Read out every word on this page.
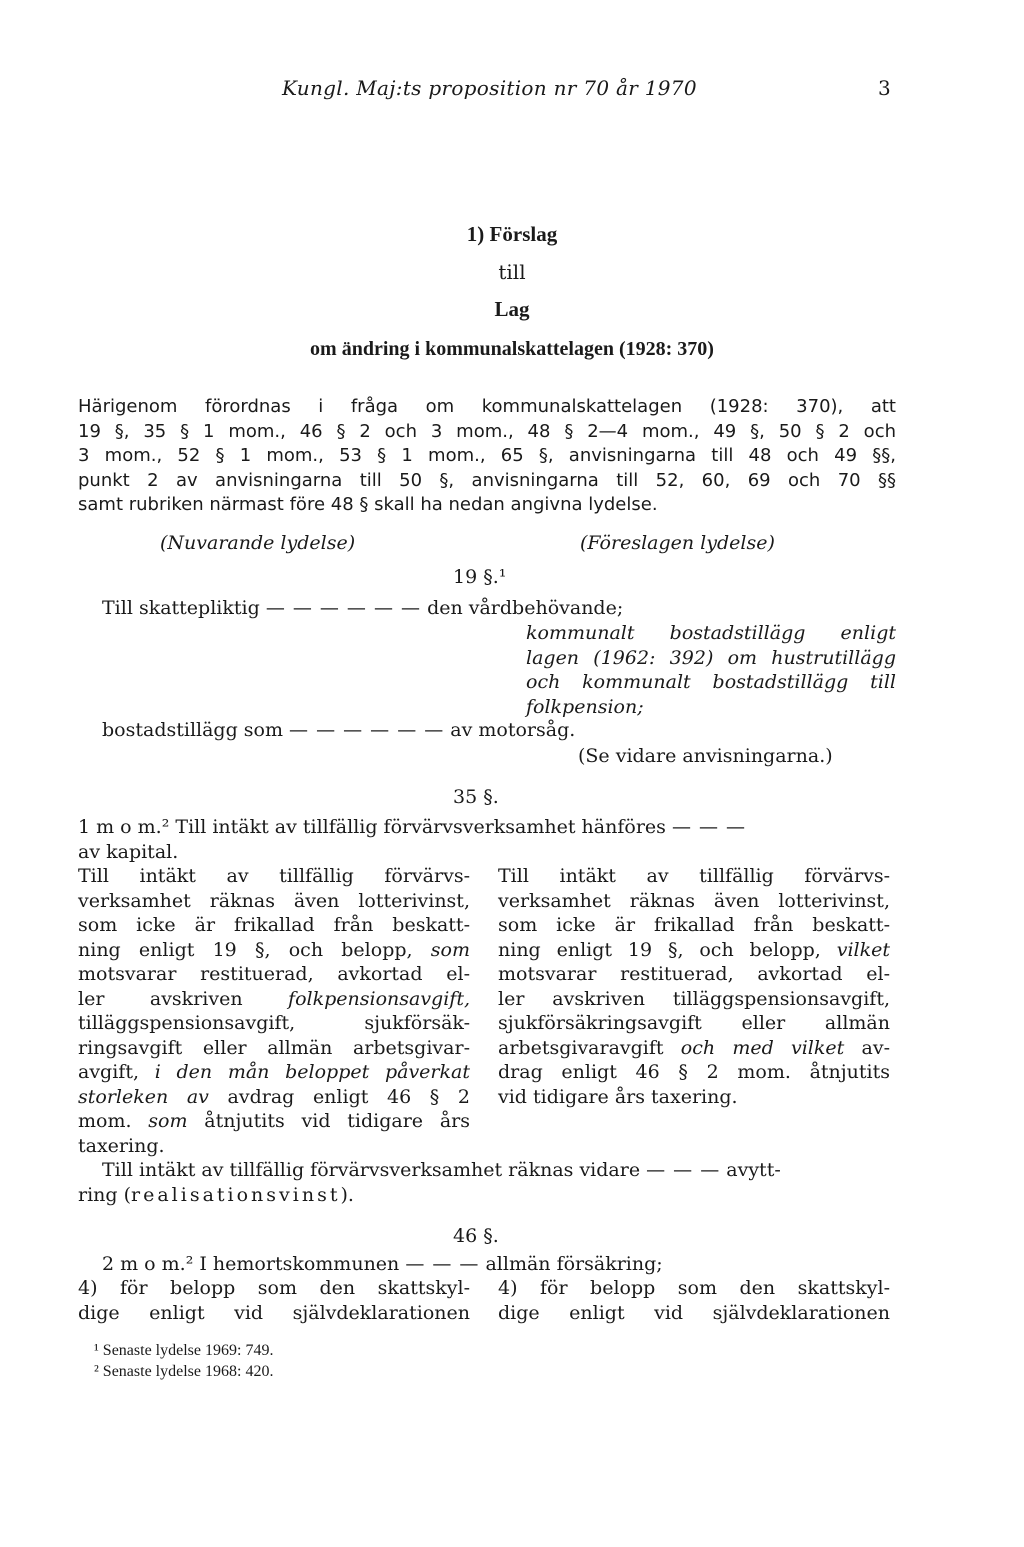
Kungl. Maj:ts proposition nr 70 år 1970	3
1) Förslag
till
Lag
om ändring i kommunalskattelagen (1928: 370)
Härigenom förordnas i fråga om kommunalskattelagen (1928: 370), att
19 §, 35 § 1 mom., 46 § 2 och 3 mom., 48 § 2—4 mom., 49 §, 50 § 2 och
3 mom., 52 § 1 mom., 53 § 1 mom., 65 §, anvisningarna till 48 och 49 §§,
punkt 2 av anvisningarna till 50 §, anvisningarna till 52, 60, 69 och 70 §§
samt rubriken närmast före 48 § skall ha nedan angivna lydelse.
(Nuvarande lydelse)	(Föreslagen lydelse)
19 §.¹
Till skattepliktig — — — — — — den vårdbehövande;
kommunalt bostadstillägg enligt
lagen (1962: 392) om hustrutillägg
och kommunalt bostadstillägg till
folkpension;
bostadstillägg som — — — — — — av motorsåg.
(Se vidare anvisningarna.)
35 §.
1 m o m.² Till intäkt av tillfällig förvärvsverksamhet hänföres — — —
av kapital.
Till intäkt av tillfällig förvärvs-
verksamhet räknas även lotterivinst,
som icke är frikallad från beskatt-
ning enligt 19 §, och belopp, som
motsvarar restituerad, avkortad el-
ler avskriven folkpensionsavgift,
tilläggspensionsavgift, sjukförsäk-
ringsavgift eller allmän arbetsgivar-
avgift, i den mån beloppet påverkat
storleken av avdrag enligt 46 § 2
mom. som åtnjutits vid tidigare års
taxering.
Till intäkt av tillfällig förvärvs-
verksamhet räknas även lotterivinst,
som icke är frikallad från beskatt-
ning enligt 19 §, och belopp, vilket
motsvarar restituerad, avkortad el-
ler avskriven tilläggspensionsavgift,
sjukförsäkringsavgift eller allmän
arbetsgivaravgift och med vilket av-
drag enligt 46 § 2 mom. åtnjutits
vid tidigare års taxering.
Till intäkt av tillfällig förvärvsverksamhet räknas vidare — — — avytt-
ring (realisationsvinst).
46 §.
2 m o m.² I hemortskommunen — — — allmän försäkring;
4) för belopp som den skattskyl-
dige enligt vid självdeklarationen
4) för belopp som den skattskyl-
dige enligt vid självdeklarationen
¹ Senaste lydelse 1969: 749.
² Senaste lydelse 1968: 420.
